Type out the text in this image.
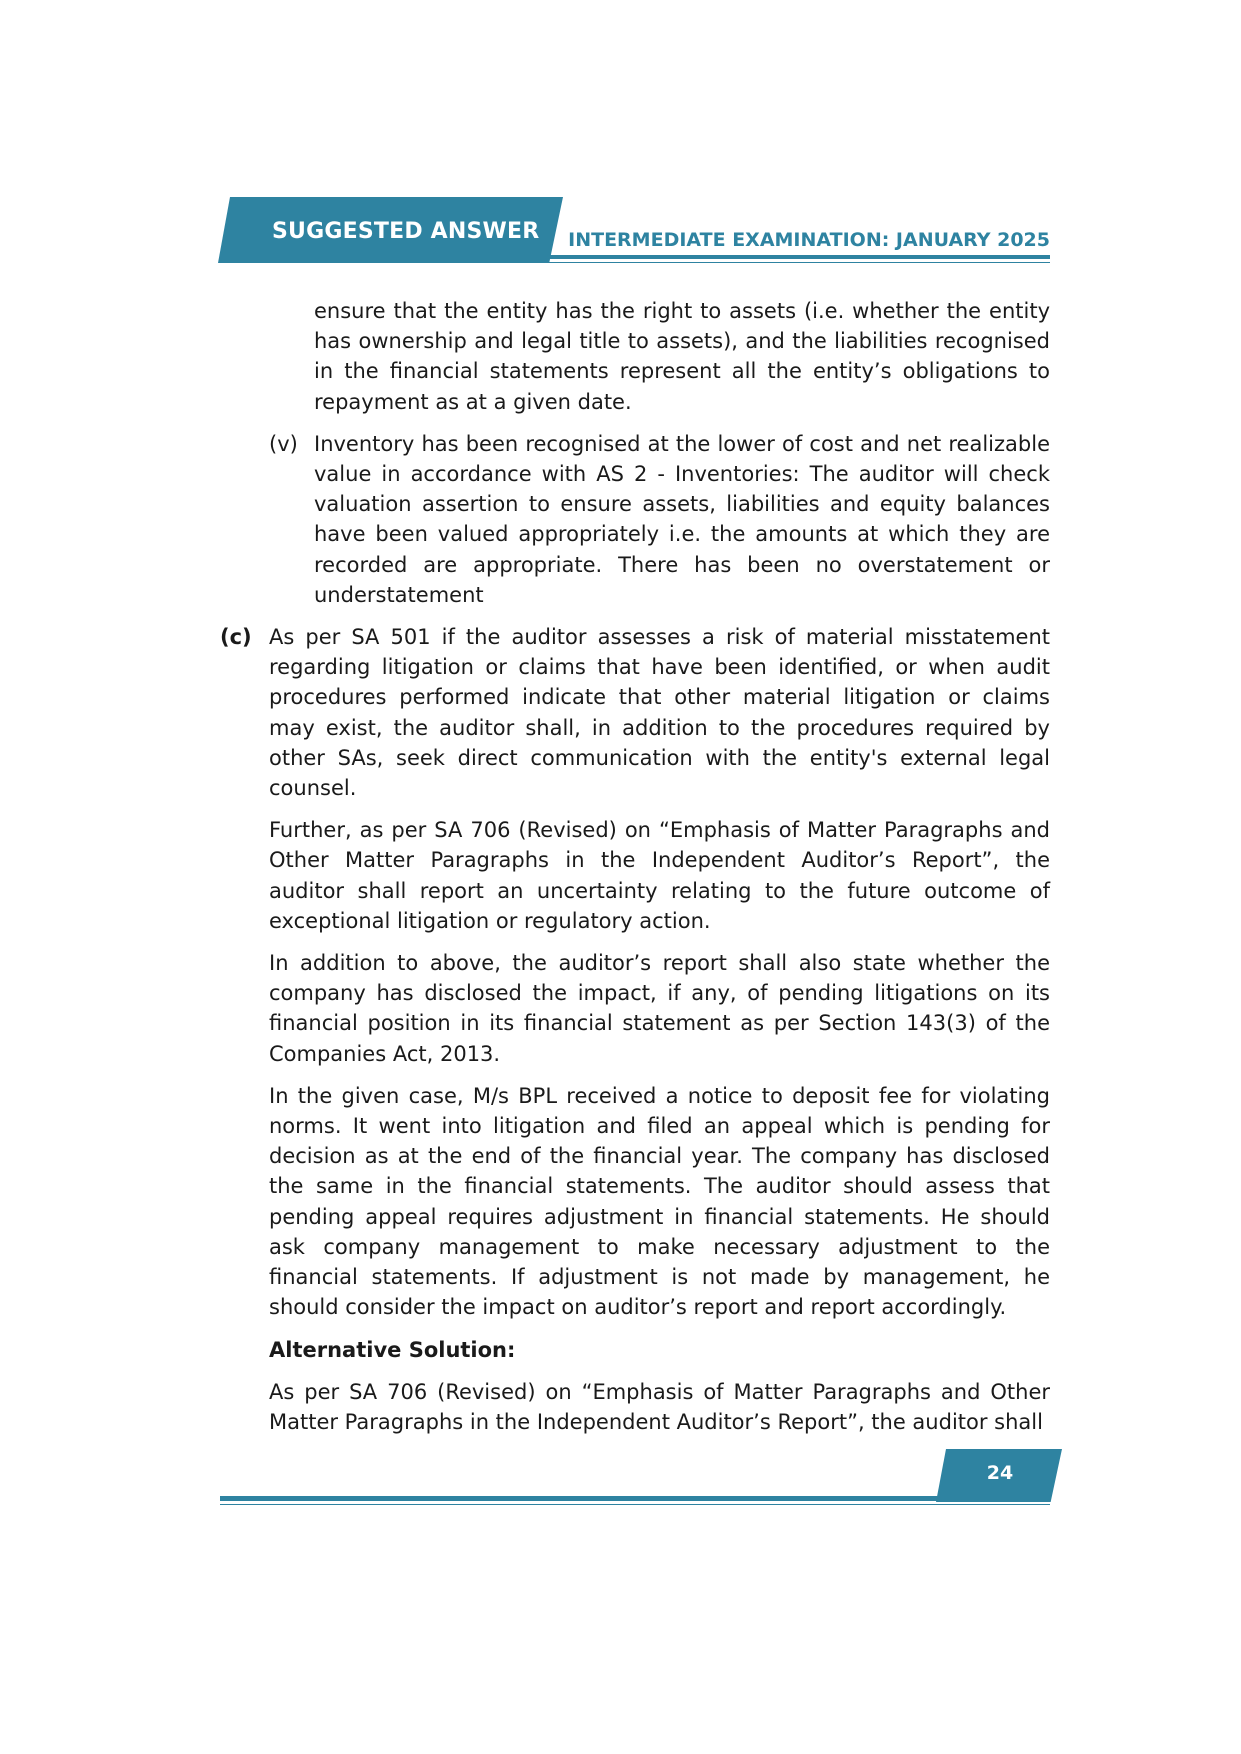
SUGGESTED ANSWER INTERMEDIATE EXAMINATION: JANUARY 2025

ensure that the entity has the right to assets (i.e. whether the entity has ownership and legal title to assets), and the liabilities recognised in the financial statements represent all the entity’s obligations to repayment as at a given date.

(v) Inventory has been recognised at the lower of cost and net realizable value in accordance with AS 2 - Inventories: The auditor will check valuation assertion to ensure assets, liabilities and equity balances have been valued appropriately i.e. the amounts at which they are recorded are appropriate. There has been no overstatement or understatement
(c) As per SA 501 if the auditor assesses a risk of material misstatement regarding litigation or claims that have been identified, or when audit procedures performed indicate that other material litigation or claims may exist, the auditor shall, in addition to the procedures required by other SAs, seek direct communication with the entity's external legal counsel.

Further, as per SA 706 (Revised) on “Emphasis of Matter Paragraphs and Other Matter Paragraphs in the Independent Auditor’s Report”, the auditor shall report an uncertainty relating to the future outcome of exceptional litigation or regulatory action.

In addition to above, the auditor’s report shall also state whether the company has disclosed the impact, if any, of pending litigations on its financial position in its financial statement as per Section 143(3) of the Companies Act, 2013.

In the given case, M/s BPL received a notice to deposit fee for violating norms. It went into litigation and filed an appeal which is pending for decision as at the end of the financial year. The company has disclosed the same in the financial statements. The auditor should assess that pending appeal requires adjustment in financial statements. He should ask company management to make necessary adjustment to the financial statements. If adjustment is not made by management, he should consider the impact on auditor’s report and report accordingly.

Alternative Solution:

As per SA 706 (Revised) on “Emphasis of Matter Paragraphs and Other Matter Paragraphs in the Independent Auditor’s Report”, the auditor shall

24
